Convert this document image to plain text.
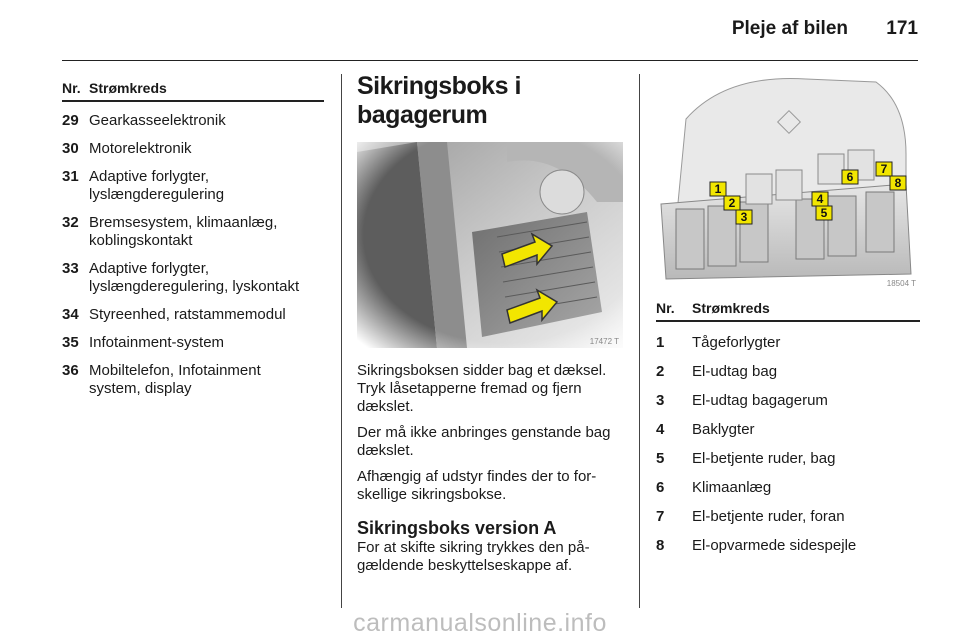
Pleje af bilen 171
Nr.	Strømkreds
29	Gearkasseelektronik

30	Motorelektronik

31	Adaptive forlygter,
lyslængderegulering

32	Bremsesystem, klimaanlæg,
koblingskontakt

33	Adaptive forlygter,
lyslængderegulering, lyskontakt

34	Styreenhed, ratstammemodul

35	Infotainment-system

36	Mobiltelefon, Infotainment
system, display
Sikringsboks i bagagerum
17472 T

Sikringsboksen sidder bag et dæksel. Tryk låsetapperne fremad og fjern dækslet.

Der må ikke anbringes genstande bag dækslet.

Afhængig af udstyr findes der to forskellige sikringsbokse.

Sikringsboks version A

For at skifte sikring trykkes den pågældende beskyttelseskappe af.

1
2
3
4
5
6
7
8
18504 T
Nr.	Strømkreds
1	Tågeforlygter
2	El-udtag bag
3	El-udtag bagagerum
4	Baklygter
5	El-betjente ruder, bag
6	Klimaanlæg
7	El-betjente ruder, foran
8	El-opvarmede sidespejle
carmanualsonline.info
